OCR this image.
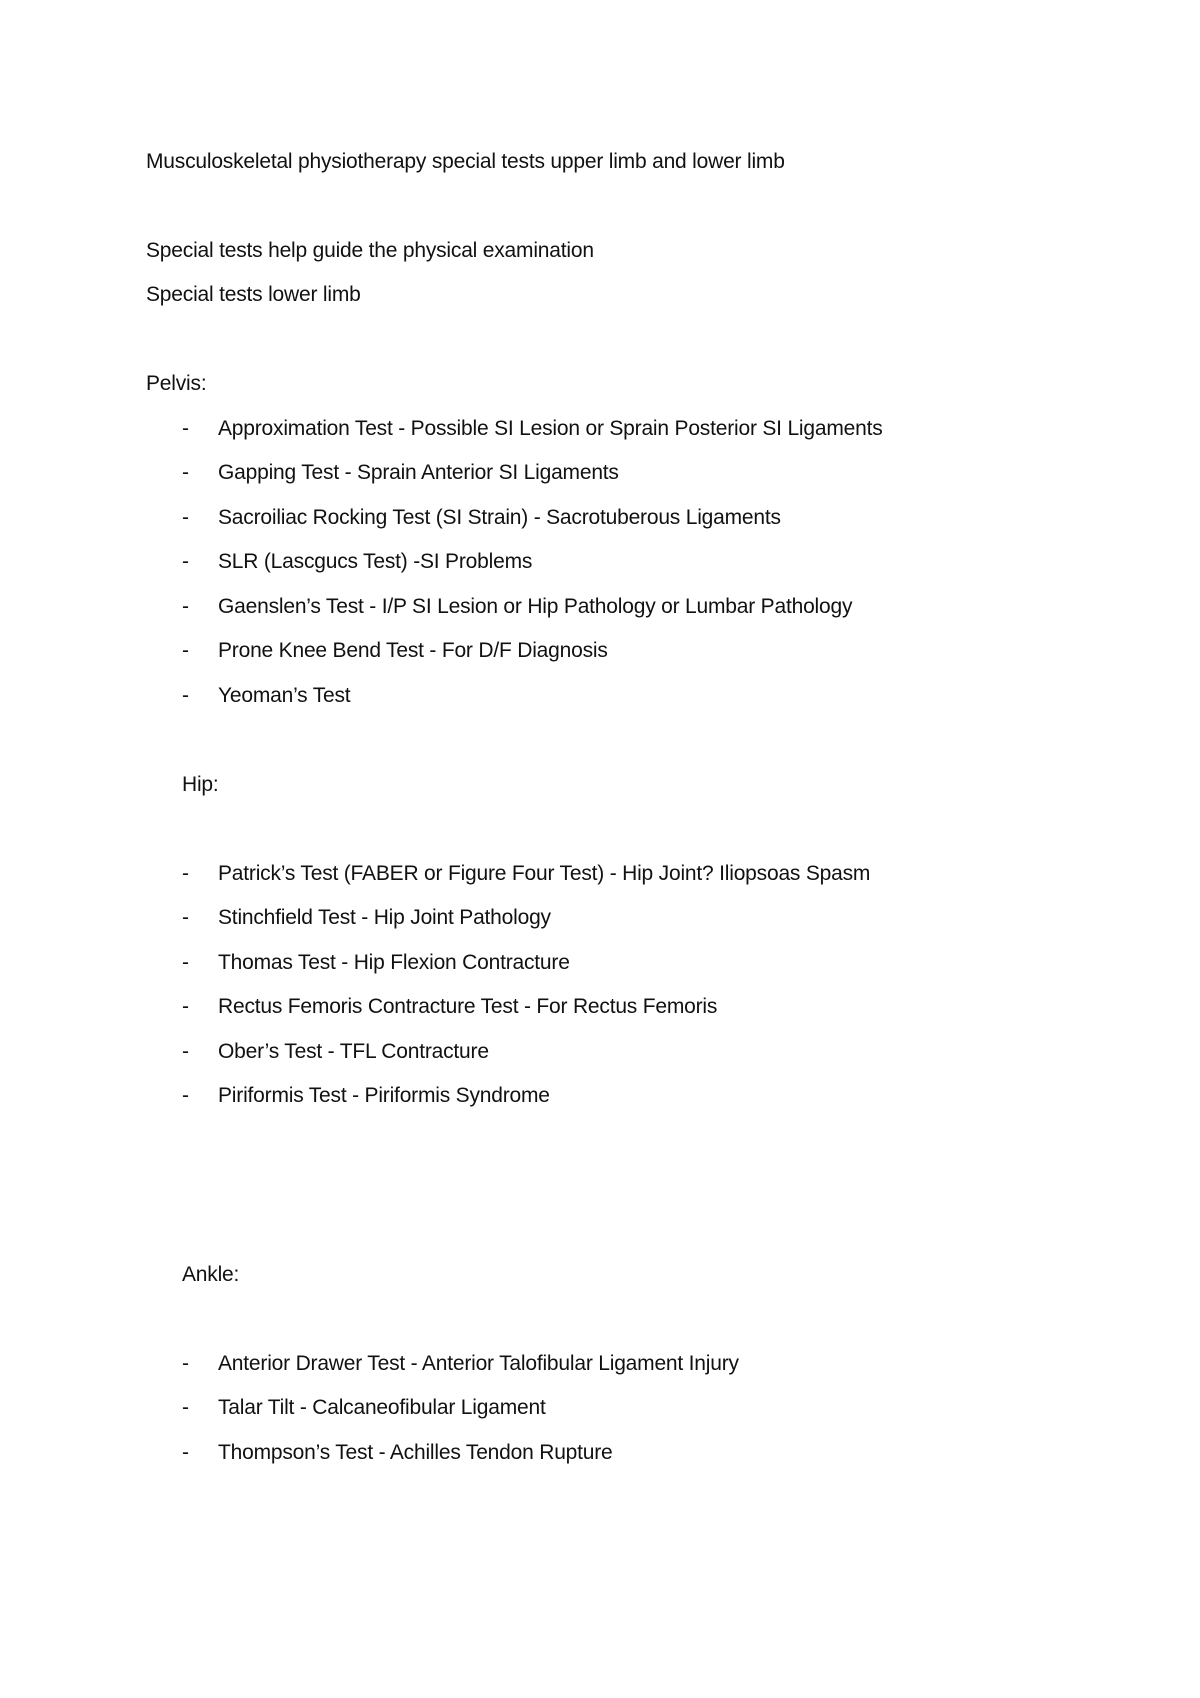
Musculoskeletal physiotherapy special tests upper limb and lower limb
Special tests help guide the physical examination
Special tests lower limb
Pelvis:
- Approximation Test - Possible SI Lesion or Sprain Posterior SI Ligaments
- Gapping Test - Sprain Anterior SI Ligaments
- Sacroiliac Rocking Test (SI Strain) - Sacrotuberous Ligaments
- SLR (Lascgucs Test) -SI Problems
- Gaenslen’s Test - I/P SI Lesion or Hip Pathology or Lumbar Pathology
- Prone Knee Bend Test - For D/F Diagnosis
- Yeoman’s Test
Hip:
- Patrick’s Test (FABER or Figure Four Test) - Hip Joint? Iliopsoas Spasm
- Stinchfield Test - Hip Joint Pathology
- Thomas Test - Hip Flexion Contracture
- Rectus Femoris Contracture Test - For Rectus Femoris
- Ober’s Test - TFL Contracture
- Piriformis Test - Piriformis Syndrome
Ankle:
- Anterior Drawer Test - Anterior Talofibular Ligament Injury
- Talar Tilt - Calcaneofibular Ligament
- Thompson’s Test - Achilles Tendon Rupture
